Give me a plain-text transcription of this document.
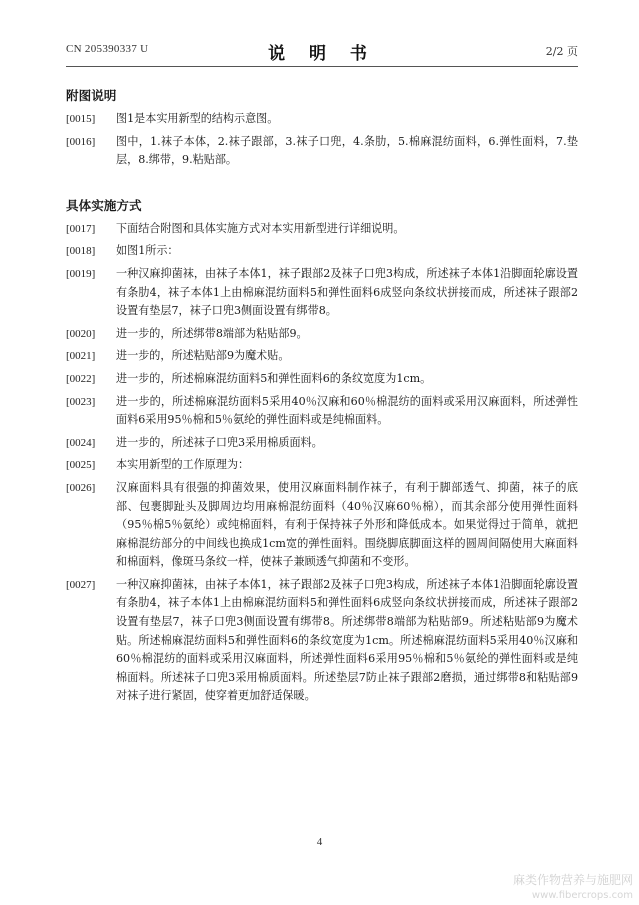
CN 205390337 U	说 明 书	2/2 页
附图说明
[0015]	图1是本实用新型的结构示意图。
[0016]	图中，1.袜子本体，2.袜子跟部，3.袜子口兜，4.条肋，5.棉麻混纺面料，6.弹性面料，7.垫层，8.绑带，9.粘贴部。
具体实施方式
[0017]	下面结合附图和具体实施方式对本实用新型进行详细说明。
[0018]	如图1所示：
[0019]	一种汉麻抑菌袜，由袜子本体1，袜子跟部2及袜子口兜3构成，所述袜子本体1沿脚面轮廓设置有条肋4，袜子本体1上由棉麻混纺面料5和弹性面料6成竖向条纹状拼接而成，所述袜子跟部2设置有垫层7，袜子口兜3侧面设置有绑带8。
[0020]	进一步的，所述绑带8端部为粘贴部9。
[0021]	进一步的，所述粘贴部9为魔术贴。
[0022]	进一步的，所述棉麻混纺面料5和弹性面料6的条纹宽度为1cm。
[0023]	进一步的，所述棉麻混纺面料5采用40％汉麻和60％棉混纺的面料或采用汉麻面料，所述弹性面料6采用95％棉和5％氨纶的弹性面料或是纯棉面料。
[0024]	进一步的，所述袜子口兜3采用棉质面料。
[0025]	本实用新型的工作原理为：
[0026]	汉麻面料具有很强的抑菌效果，使用汉麻面料制作袜子，有利于脚部透气、抑菌，袜子的底部、包裹脚趾头及脚周边均用麻棉混纺面料（40％汉麻60％棉），而其余部分使用弹性面料（95％棉5％氨纶）或纯棉面料，有利于保持袜子外形和降低成本。如果觉得过于简单，就把麻棉混纺部分的中间线也换成1cm宽的弹性面料。围绕脚底脚面这样的圆周间隔使用大麻面料和棉面料，像斑马条纹一样，使袜子兼顾透气抑菌和不变形。
[0027]	一种汉麻抑菌袜，由袜子本体1，袜子跟部2及袜子口兜3构成，所述袜子本体1沿脚面轮廓设置有条肋4，袜子本体1上由棉麻混纺面料5和弹性面料6成竖向条纹状拼接而成，所述袜子跟部2设置有垫层7，袜子口兜3侧面设置有绑带8。所述绑带8端部为粘贴部9。所述粘贴部9为魔术贴。所述棉麻混纺面料5和弹性面料6的条纹宽度为1cm。所述棉麻混纺面料5采用40％汉麻和60％棉混纺的面料或采用汉麻面料，所述弹性面料6采用95％棉和5％氨纶的弹性面料或是纯棉面料。所述袜子口兜3采用棉质面料。所述垫层7防止袜子跟部2磨损，通过绑带8和粘贴部9对袜子进行紧固，使穿着更加舒适保暖。
4
麻类作物营养与施肥网
www.fibercrops.com
